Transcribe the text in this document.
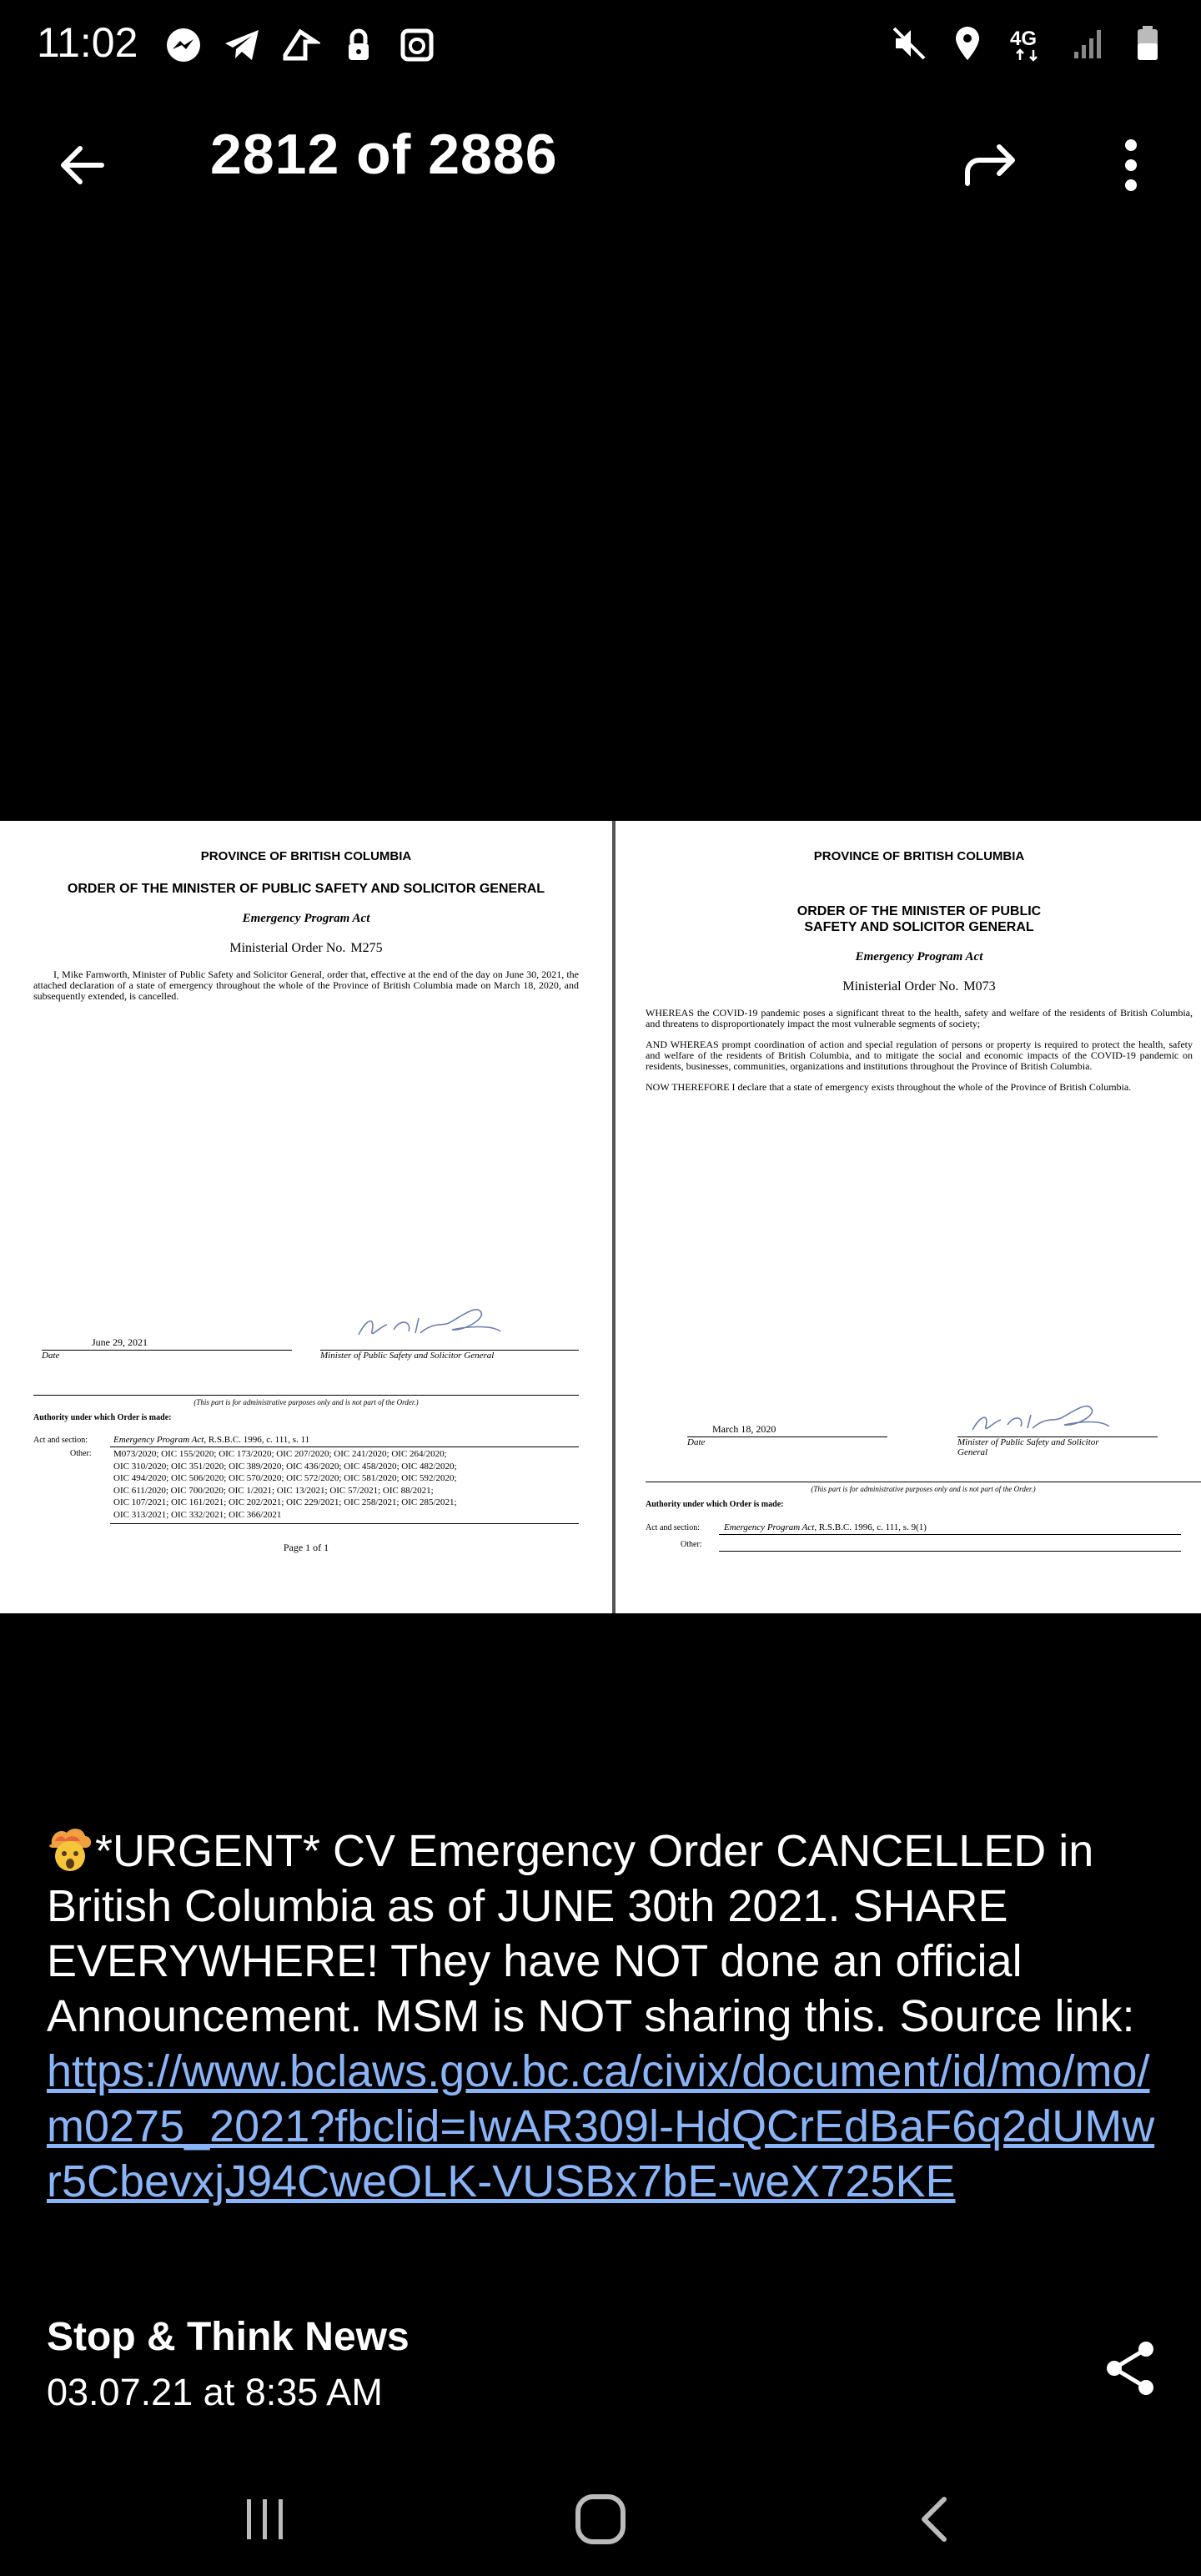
11:02	4G
2812 of 2886
PROVINCE OF BRITISH COLUMBIA
ORDER OF THE MINISTER OF PUBLIC SAFETY AND SOLICITOR GENERAL
Emergency Program Act
Ministerial Order No. M275
I, Mike Farnworth, Minister of Public Safety and Solicitor General, order that, effective at the end of the day on June 30, 2021, the attached declaration of a state of emergency throughout the whole of the Province of British Columbia made on March 18, 2020, and subsequently extended, is cancelled.
June 29, 2021
Date	Minister of Public Safety and Solicitor General
(This part is for administrative purposes only and is not part of the Order.)
Authority under which Order is made:
Act and section:	Emergency Program Act, R.S.B.C. 1996, c. 111, s. 11
Other: M073/2020; OIC 155/2020; OIC 173/2020; OIC 207/2020; OIC 241/2020; OIC 264/2020;
OIC 310/2020; OIC 351/2020; OIC 389/2020; OIC 436/2020; OIC 458/2020; OIC 482/2020;
OIC 494/2020; OIC 506/2020; OIC 570/2020; OIC 572/2020; OIC 581/2020; OIC 592/2020;
OIC 611/2020; OIC 700/2020; OIC 1/2021; OIC 13/2021; OIC 57/2021; OIC 88/2021;
OIC 107/2021; OIC 161/2021; OIC 202/2021; OIC 229/2021; OIC 258/2021; OIC 285/2021;
OIC 313/2021; OIC 332/2021; OIC 366/2021
Page 1 of 1
PROVINCE OF BRITISH COLUMBIA
ORDER OF THE MINISTER OF PUBLIC
SAFETY AND SOLICITOR GENERAL
Emergency Program Act
Ministerial Order No. M073
WHEREAS the COVID-19 pandemic poses a significant threat to the health, safety and welfare of the residents of British Columbia, and threatens to disproportionately impact the most vulnerable segments of society;
AND WHEREAS prompt coordination of action and special regulation of persons or property is required to protect the health, safety and welfare of the residents of British Columbia, and to mitigate the social and economic impacts of the COVID-19 pandemic on residents, businesses, communities, organizations and institutions throughout the Province of British Columbia.
NOW THEREFORE I declare that a state of emergency exists throughout the whole of the Province of British Columbia.
March 18, 2020
Date	Minister of Public Safety and Solicitor
General
(This part is for administrative purposes only and is not part of the Order.)
Authority under which Order is made:
Act and section:	Emergency Program Act, R.S.B.C. 1996, c. 111, s. 9(1)
Other:
*URGENT* CV Emergency Order CANCELLED in British Columbia as of JUNE 30th 2021. SHARE EVERYWHERE! They have NOT done an official Announcement. MSM is NOT sharing this. Source link: https://www.bclaws.gov.bc.ca/civix/document/id/mo/mo/m0275_2021?fbclid=IwAR309l-HdQCrEdBaF6q2dUMwr5CbevxjJ94CweOLK-VUSBx7bE-weX725KE
Stop & Think News
03.07.21 at 8:35 AM
